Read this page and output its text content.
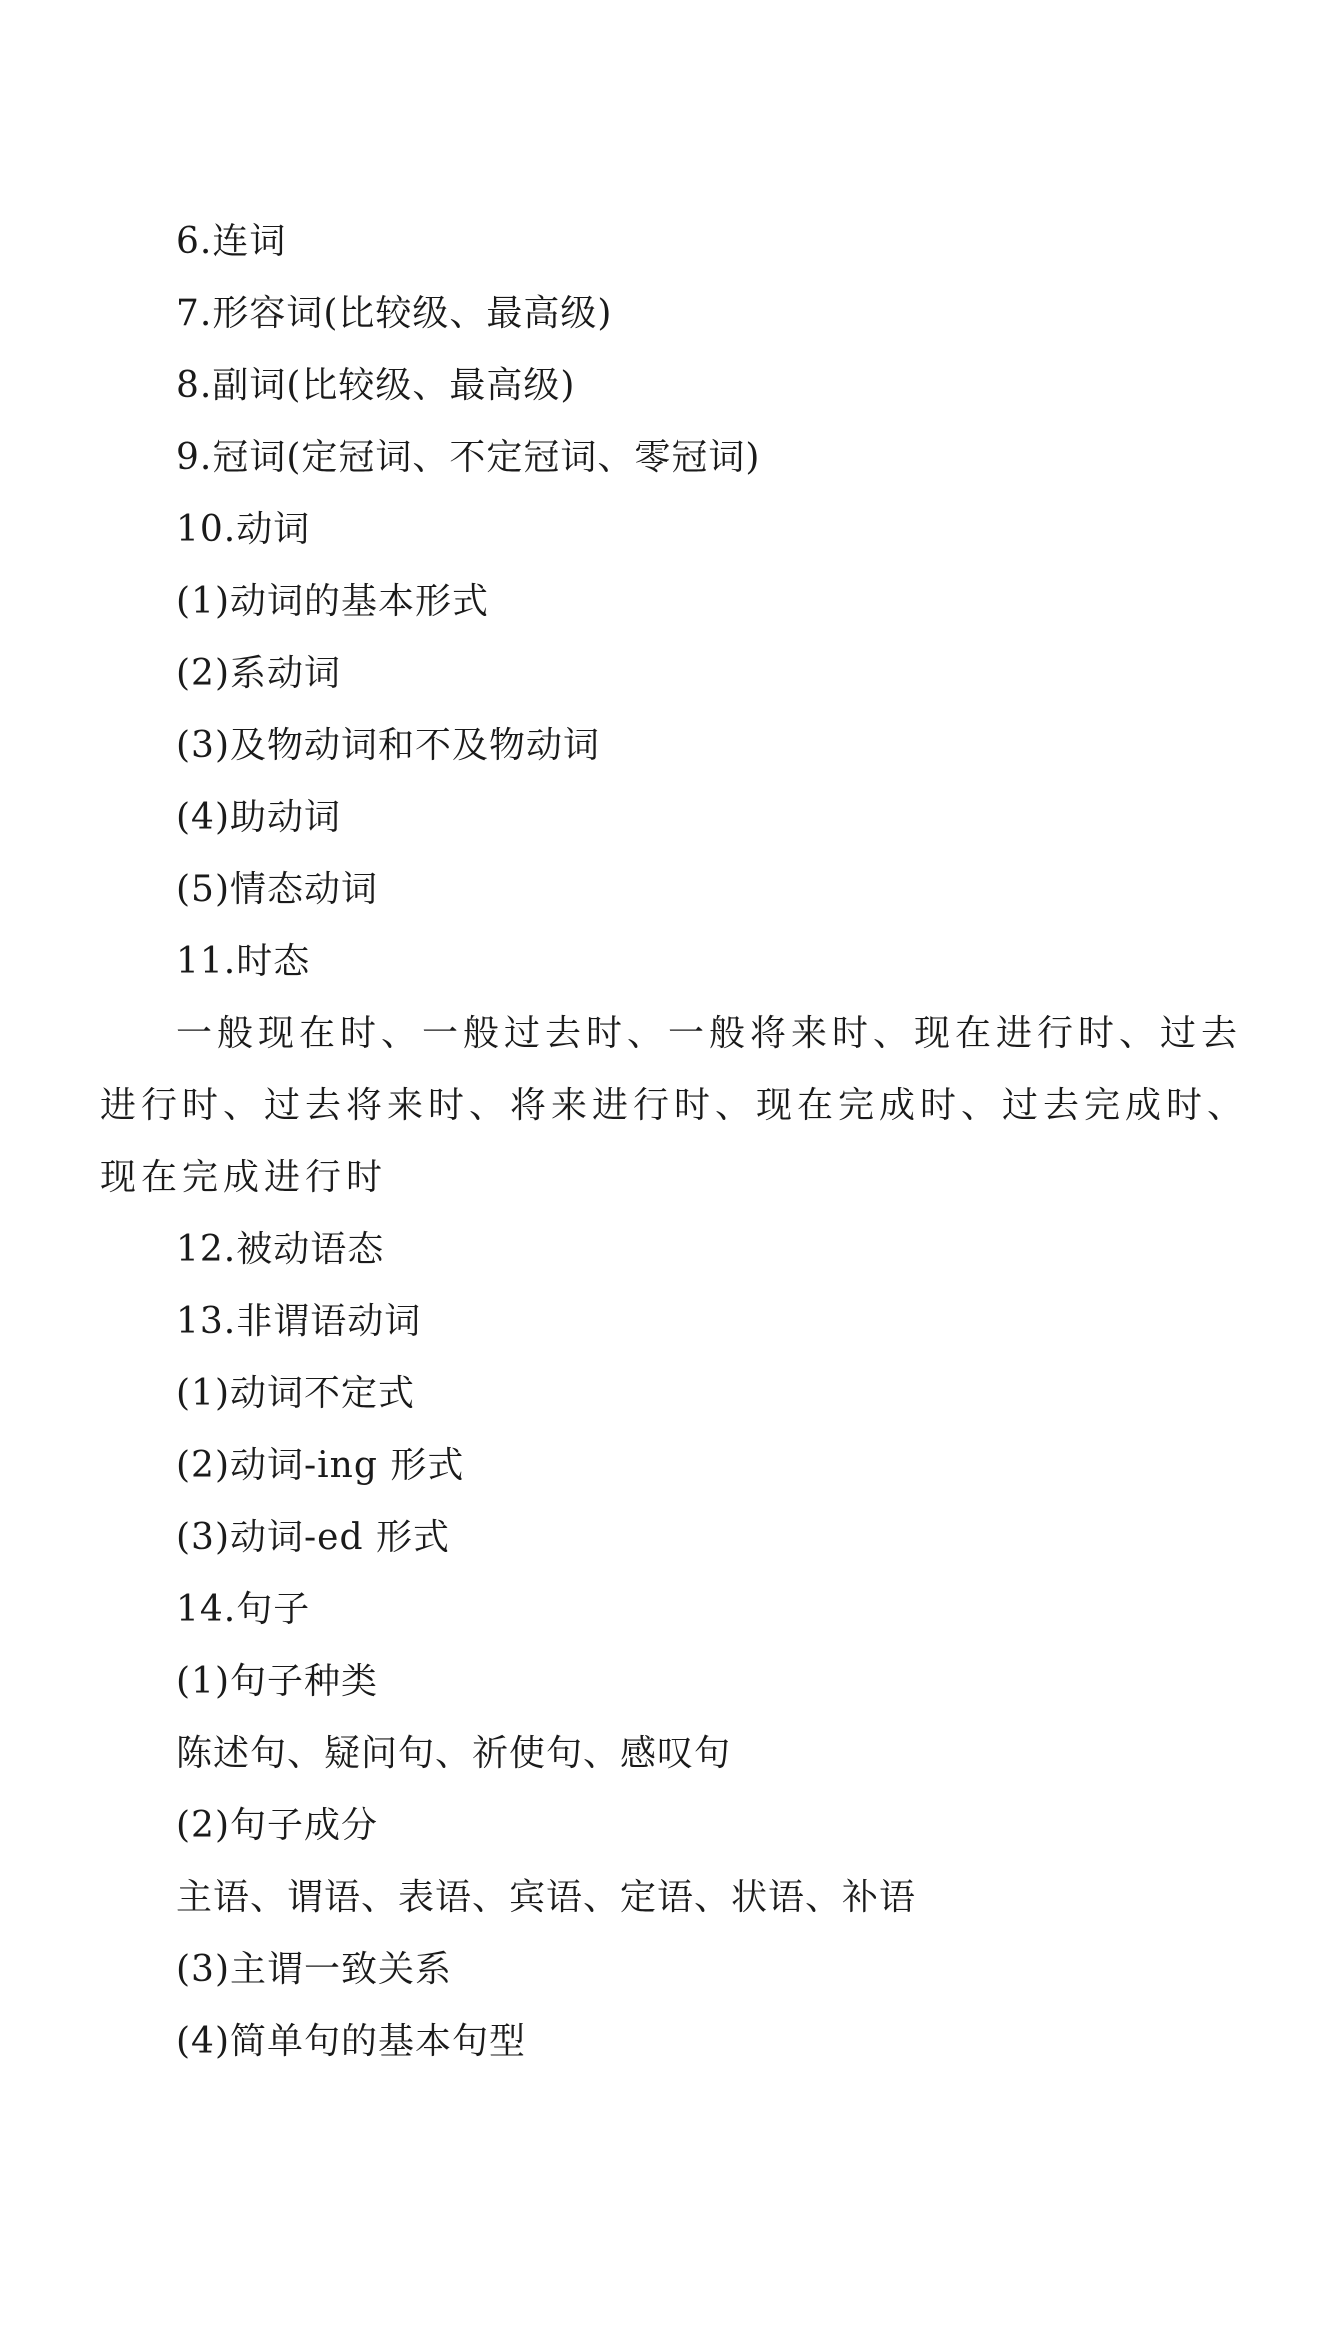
6.连词
7.形容词(比较级、最高级)
8.副词(比较级、最高级)
9.冠词(定冠词、不定冠词、零冠词)
10.动词
(1)动词的基本形式
(2)系动词
(3)及物动词和不及物动词
(4)助动词
(5)情态动词
11.时态
一般现在时、一般过去时、一般将来时、现在进行时、过去进行时、过去将来时、将来进行时、现在完成时、过去完成时、现在完成进行时
12.被动语态
13.非谓语动词
(1)动词不定式
(2)动词-ing 形式
(3)动词-ed 形式
14.句子
(1)句子种类
陈述句、疑问句、祈使句、感叹句
(2)句子成分
主语、谓语、表语、宾语、定语、状语、补语
(3)主谓一致关系
(4)简单句的基本句型
